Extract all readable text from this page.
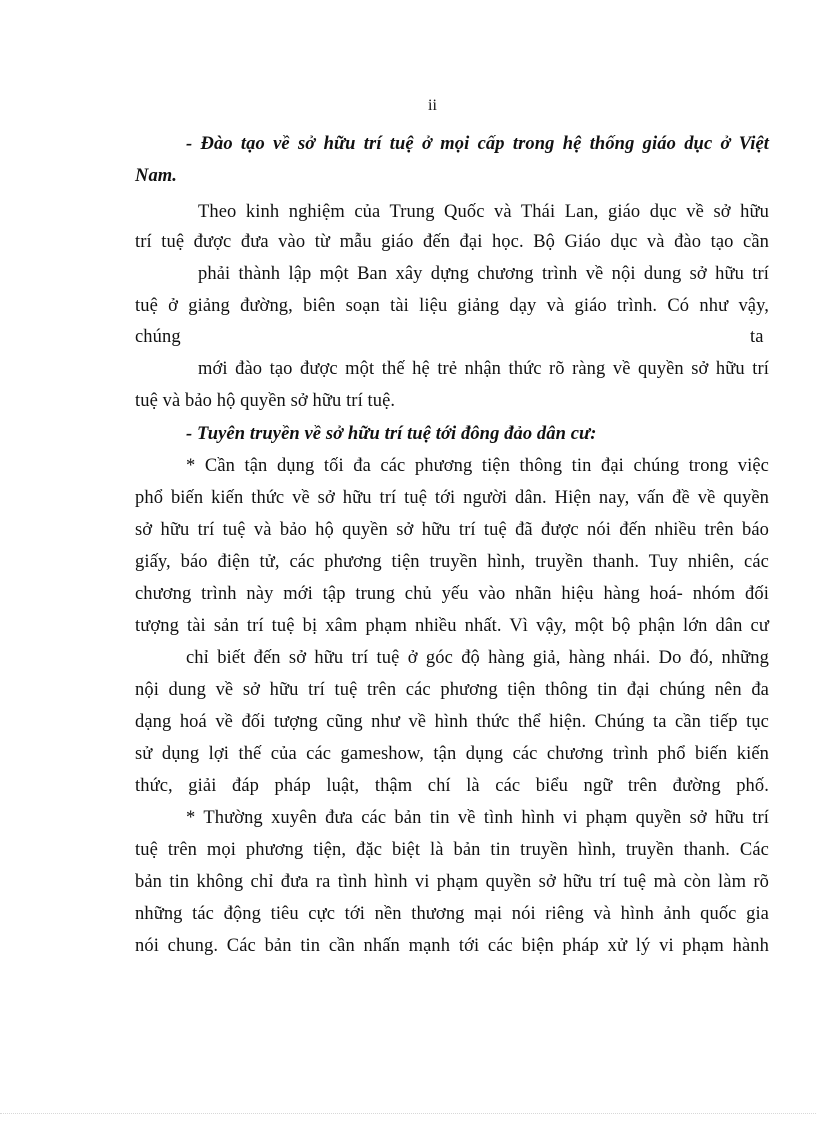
ii
- Đào tạo về sở hữu trí tuệ ở mọi cấp trong hệ thống giáo dục ở Việt
Nam.
Theo kinh nghiệm của Trung Quốc và Thái Lan, giáo dục về sở hữu
trí tuệ được đưa vào từ mẫu giáo đến đại học. Bộ Giáo dục và đào tạo cần
phải thành lập một Ban xây dựng chương trình về nội dung sở hữu trí
tuệ ở giảng đường, biên soạn tài liệu giảng dạy và giáo trình. Có như vậy,
chúng	ta
mới đào tạo được một thế hệ trẻ nhận thức rõ ràng về quyền sở hữu trí
tuệ và bảo hộ quyền sở hữu trí tuệ.
- Tuyên truyền về sở hữu trí tuệ tới đông đảo dân cư:
* Cần tận dụng tối đa các phương tiện thông tin đại chúng trong việc
phổ biến kiến thức về sở hữu trí tuệ tới người dân. Hiện nay, vấn đề về quyền
sở hữu trí tuệ và bảo hộ quyền sở hữu trí tuệ đã được nói đến nhiều trên báo
giấy, báo điện tử, các phương tiện truyền hình, truyền thanh. Tuy nhiên, các
chương trình này mới tập trung chủ yếu vào nhãn hiệu hàng hoá- nhóm đối
tượng tài sản trí tuệ bị xâm phạm nhiều nhất. Vì vậy, một bộ phận lớn dân cư
chỉ biết đến sở hữu trí tuệ ở góc độ hàng giả, hàng nhái. Do đó, những
nội dung về sở hữu trí tuệ trên các phương tiện thông tin đại chúng nên đa
dạng hoá về đối tượng cũng như về hình thức thể hiện. Chúng ta cần tiếp tục
sử dụng lợi thế của các gameshow, tận dụng các chương trình phổ biến kiến
thức, giải đáp pháp luật, thậm chí là các biểu ngữ trên đường phố.
* Thường xuyên đưa các bản tin về tình hình vi phạm quyền sở hữu trí
tuệ trên mọi phương tiện, đặc biệt là bản tin truyền hình, truyền thanh. Các
bản tin không chỉ đưa ra tình hình vi phạm quyền sở hữu trí tuệ mà còn làm rõ
những tác động tiêu cực tới nền thương mại nói riêng và hình ảnh quốc gia
nói chung. Các bản tin cần nhấn mạnh tới các biện pháp xử lý vi phạm hành
